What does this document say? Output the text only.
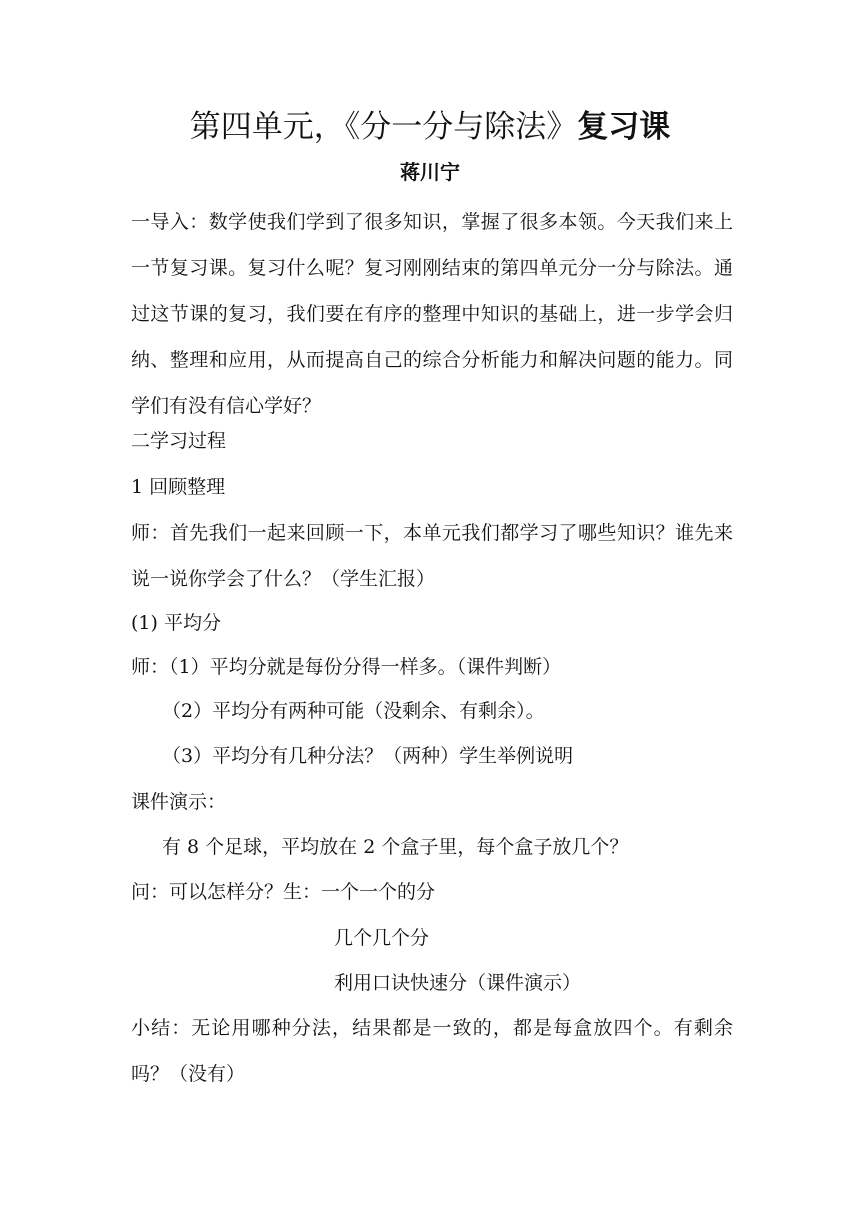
第四单元，《分一分与除法》复习课
蒋川宁
一导入：数学使我们学到了很多知识，掌握了很多本领。今天我们来上一节复习课。复习什么呢？复习刚刚结束的第四单元分一分与除法。通过这节课的复习，我们要在有序的整理中知识的基础上，进一步学会归纳、整理和应用，从而提高自己的综合分析能力和解决问题的能力。同学们有没有信心学好？
二学习过程
1 回顾整理
师：首先我们一起来回顾一下，本单元我们都学习了哪些知识？谁先来说一说你学会了什么？（学生汇报）
(1) 平均分
师：（1）平均分就是每份分得一样多。（课件判断）
（2）平均分有两种可能（没剩余、有剩余）。
（3）平均分有几种分法？（两种）学生举例说明
课件演示：
有 8 个足球，平均放在 2 个盒子里，每个盒子放几个？
问：可以怎样分？生：一个一个的分
几个几个分
利用口诀快速分（课件演示）
小结：无论用哪种分法，结果都是一致的，都是每盒放四个。有剩余吗？（没有）
